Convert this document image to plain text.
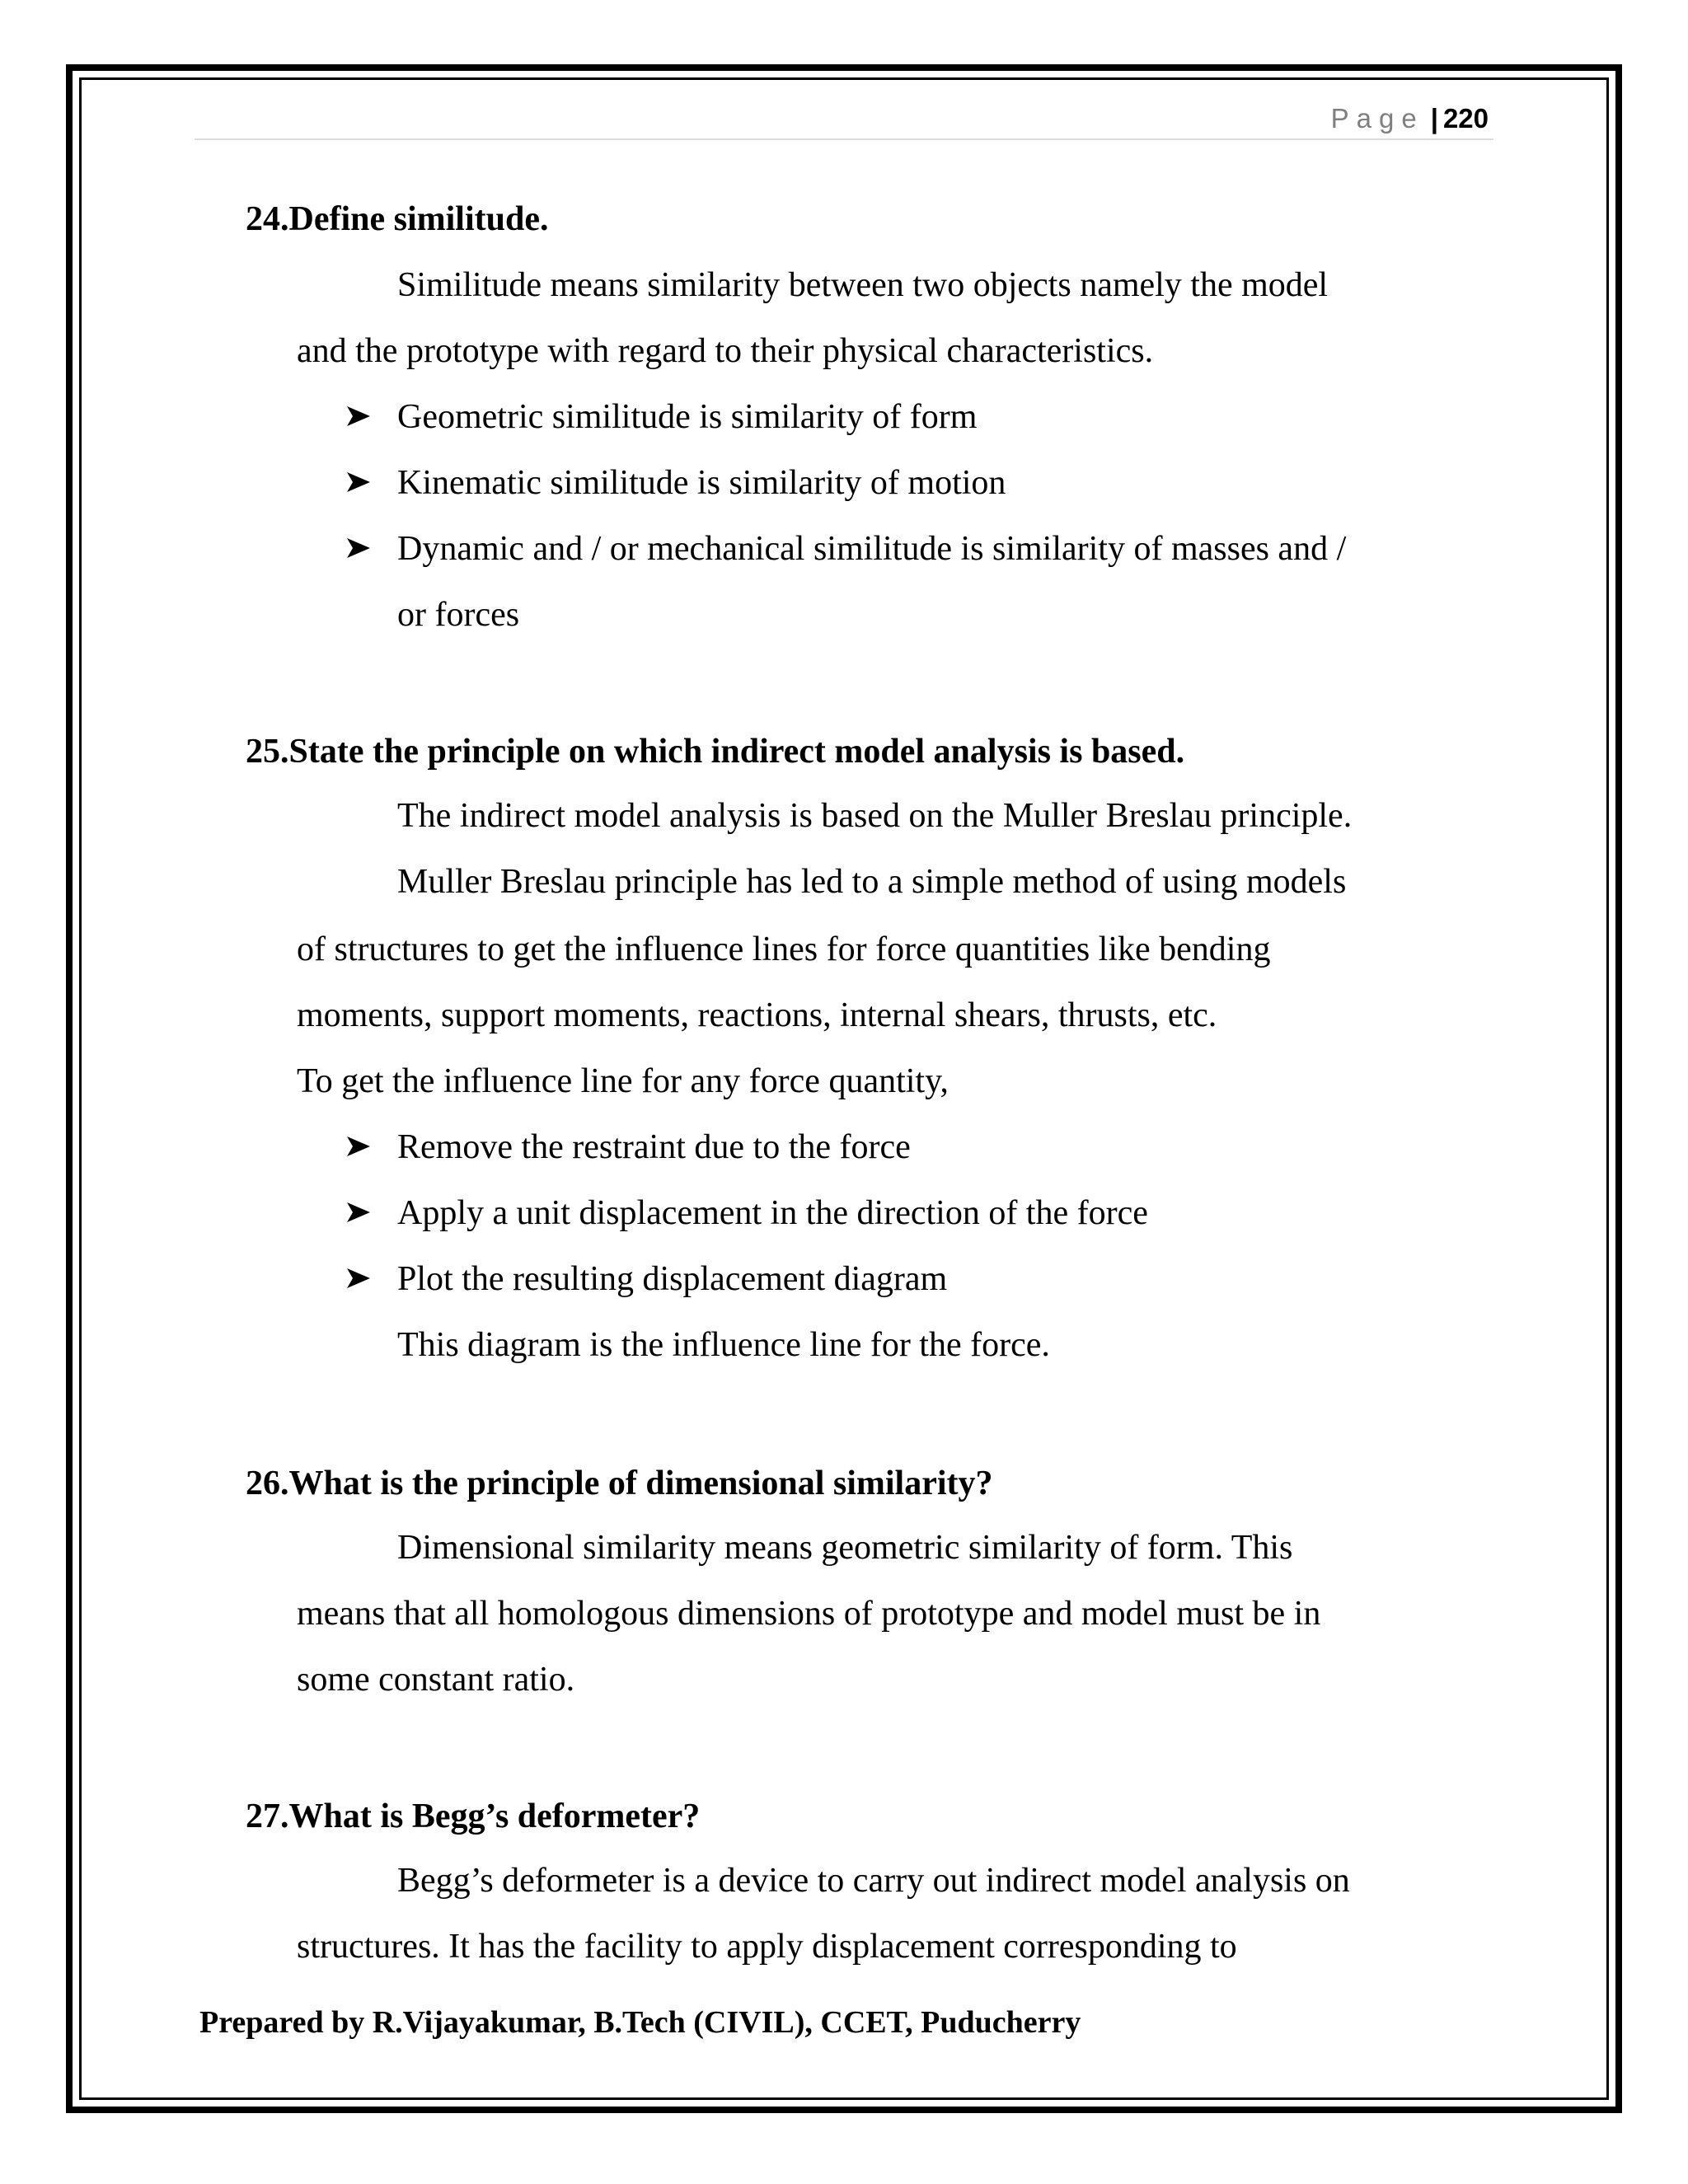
Page | 220
24.Define similitude.
Similitude means similarity between two objects namely the model
and the prototype with regard to their physical characteristics.
Geometric similitude is similarity of form
Kinematic similitude is similarity of motion
Dynamic and / or mechanical similitude is similarity of masses and /
or forces
25.State the principle on which indirect model analysis is based.
The indirect model analysis is based on the Muller Breslau principle.
Muller Breslau principle has led to a simple method of using models
of structures to get the influence lines for force quantities like bending
moments, support moments, reactions, internal shears, thrusts, etc.
To get the influence line for any force quantity,
Remove the restraint due to the force
Apply a unit displacement in the direction of the force
Plot the resulting displacement diagram
This diagram is the influence line for the force.
26.What is the principle of dimensional similarity?
Dimensional similarity means geometric similarity of form. This
means that all homologous dimensions of prototype and model must be in
some constant ratio.
27.What is Begg’s deformeter?
Begg’s deformeter is a device to carry out indirect model analysis on
structures. It has the facility to apply displacement corresponding to
Prepared by R.Vijayakumar, B.Tech (CIVIL), CCET, Puducherry
